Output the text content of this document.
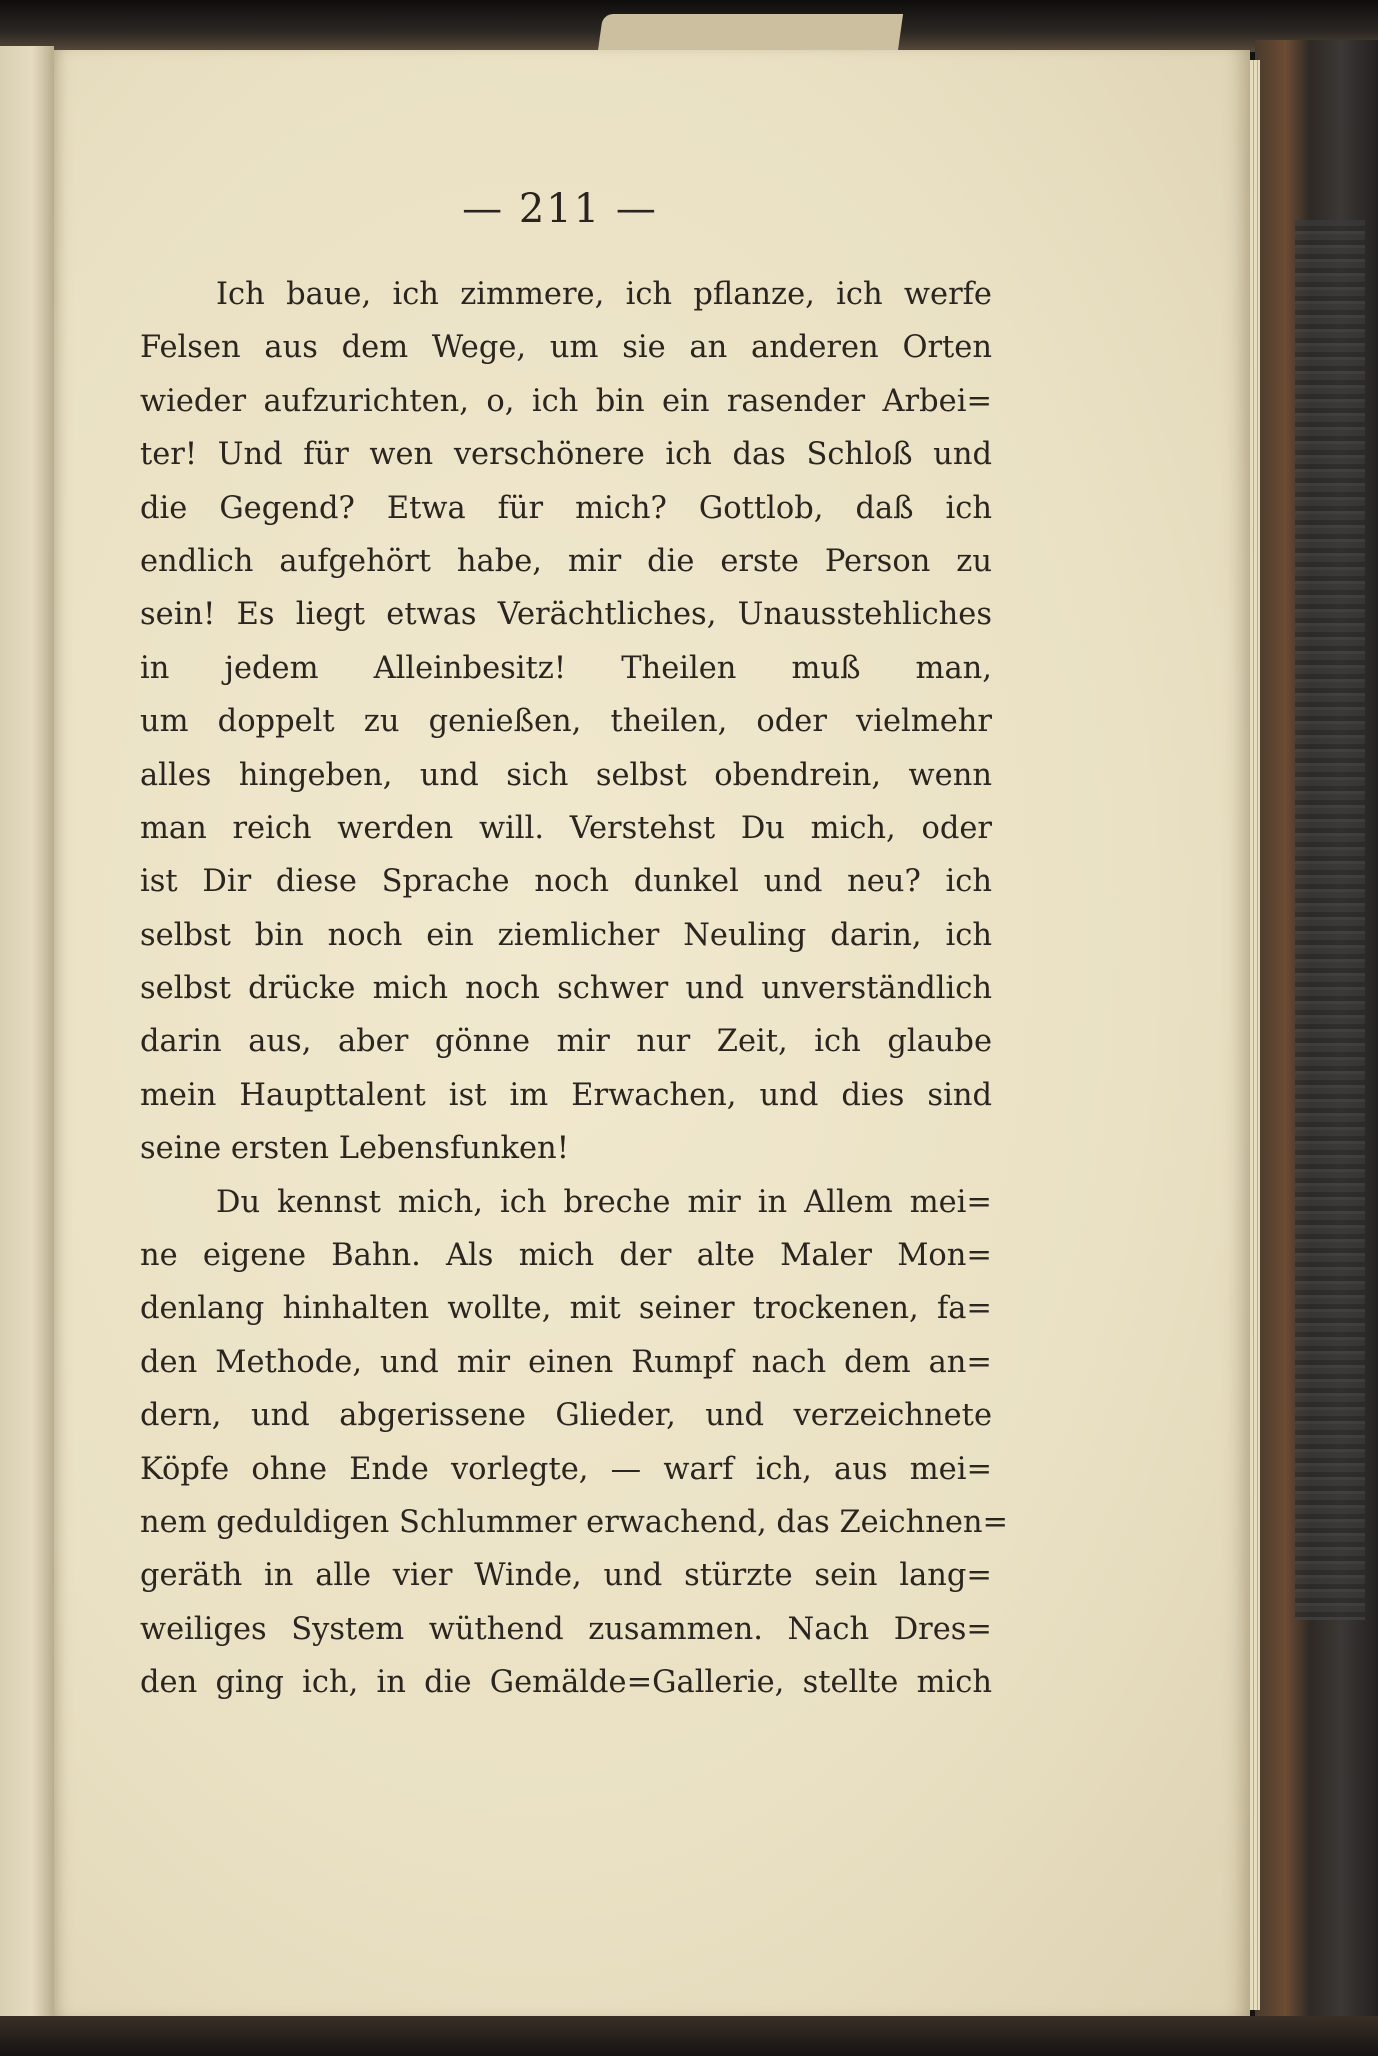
— 211 —
Ich baue, ich zimmere, ich pflanze, ich werfe
Felsen aus dem Wege, um sie an anderen Orten
wieder aufzurichten, o, ich bin ein rasender Arbei=
ter! Und für wen verschönere ich das Schloß und
die Gegend? Etwa für mich? Gottlob, daß ich
endlich aufgehört habe, mir die erste Person zu
sein! Es liegt etwas Verächtliches, Unausstehliches
in jedem Alleinbesitz! Theilen muß man,
um doppelt zu genießen, theilen, oder vielmehr
alles hingeben, und sich selbst obendrein, wenn
man reich werden will. Verstehst Du mich, oder
ist Dir diese Sprache noch dunkel und neu? ich
selbst bin noch ein ziemlicher Neuling darin, ich
selbst drücke mich noch schwer und unverständlich
darin aus, aber gönne mir nur Zeit, ich glaube
mein Haupttalent ist im Erwachen, und dies sind
seine ersten Lebensfunken!
Du kennst mich, ich breche mir in Allem mei=
ne eigene Bahn. Als mich der alte Maler Mon=
denlang hinhalten wollte, mit seiner trockenen, fa=
den Methode, und mir einen Rumpf nach dem an=
dern, und abgerissene Glieder, und verzeichnete
Köpfe ohne Ende vorlegte, — warf ich, aus mei=
nem geduldigen Schlummer erwachend, das Zeichnen=
geräth in alle vier Winde, und stürzte sein lang=
weiliges System wüthend zusammen. Nach Dres=
den ging ich, in die Gemälde=Gallerie, stellte mich
